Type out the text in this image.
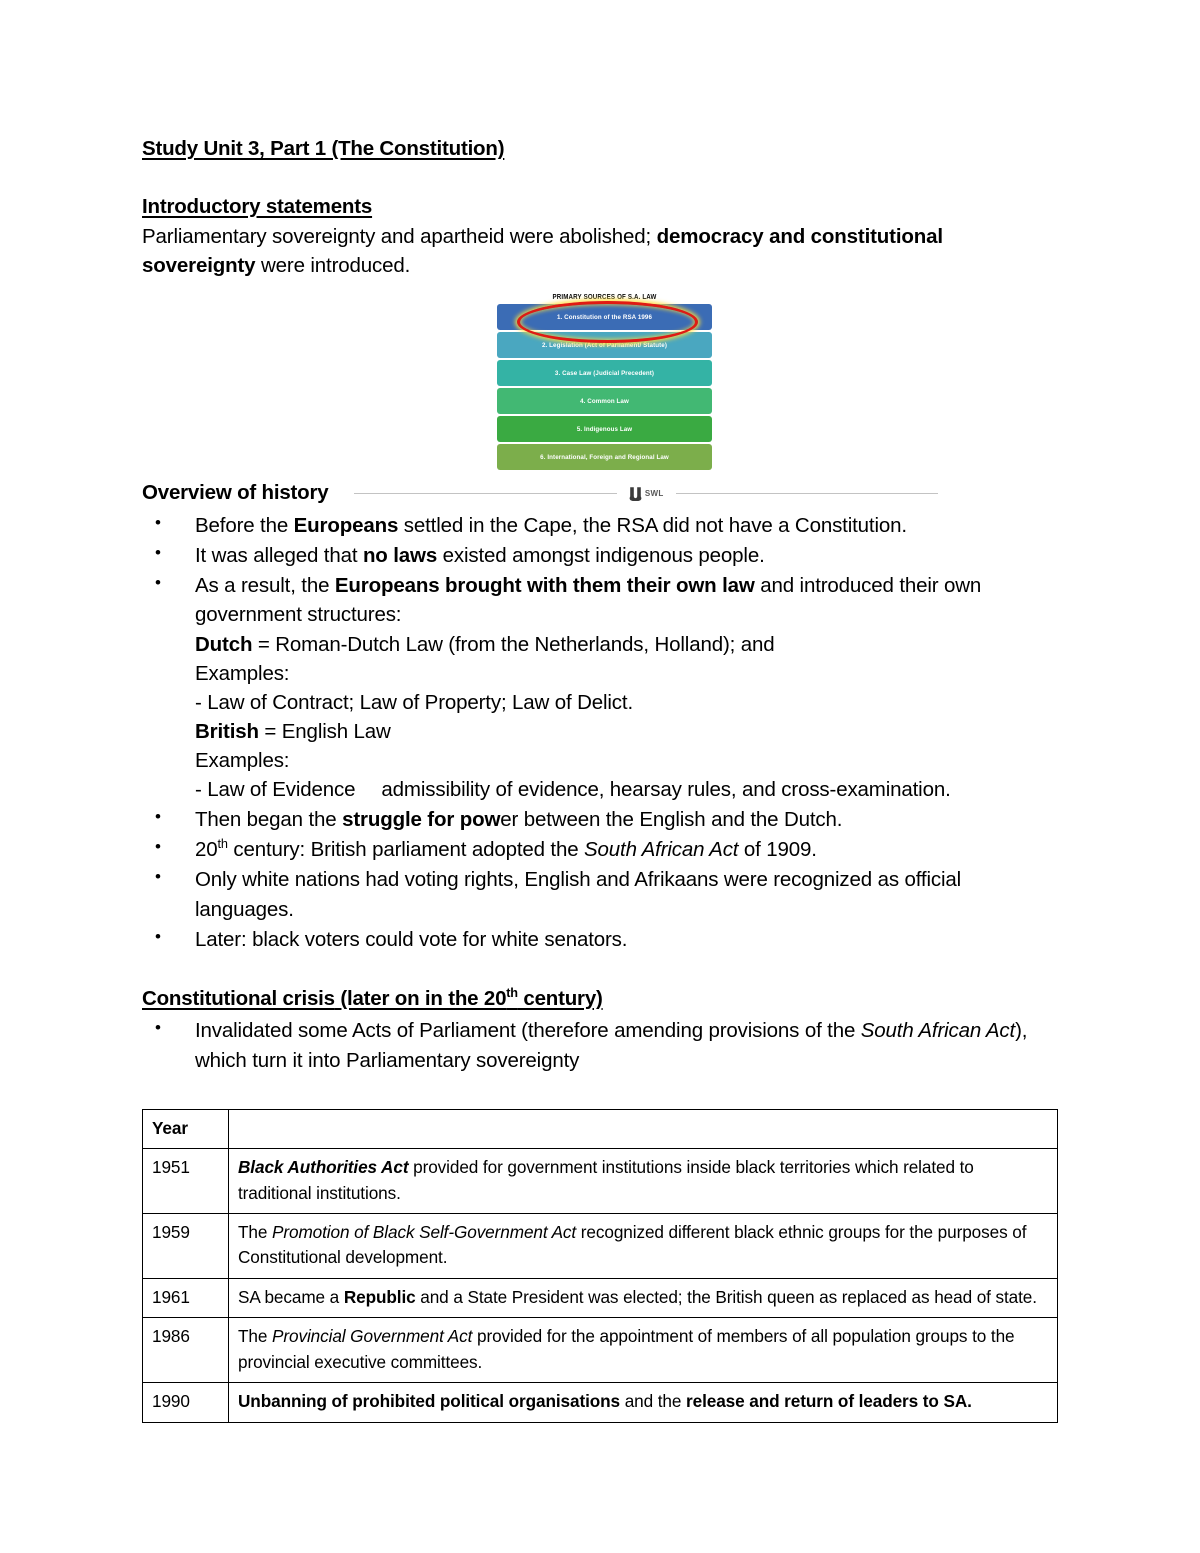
Study Unit 3, Part 1 (The Constitution)
Introductory statements

Parliamentary sovereignty and apartheid were abolished; democracy and constitutional sovereignty were introduced.

PRIMARY SOURCES OF S.A. LAW
1. Constitution of the RSA 1996
2. Legislation (Act of Parliament/ Statute)
3. Case Law (Judicial Precedent)
4. Common Law
5. Indigenous Law
6. International, Foreign and Regional Law
Overview of history	SWL
• Before the Europeans settled in the Cape, the RSA did not have a Constitution.
• It was alleged that no laws existed amongst indigenous people.
• As a result, the Europeans brought with them their own law and introduced their own government structures:
Dutch = Roman-Dutch Law (from the Netherlands, Holland); and
Examples:
- Law of Contract; Law of Property; Law of Delict.
British = English Law
Examples:
- Law of Evidence admissibility of evidence, hearsay rules, and cross-examination.
• Then began the struggle for power between the English and the Dutch.
• 20th century: British parliament adopted the South African Act of 1909.
• Only white nations had voting rights, English and Afrikaans were recognized as official languages.
• Later: black voters could vote for white senators.
Constitutional crisis (later on in the 20th century)
• Invalidated some Acts of Parliament (therefore amending provisions of the South African Act), which turn it into Parliamentary sovereignty
Year	
1951	Black Authorities Act provided for government institutions inside black territories which related to traditional institutions.
1959	The Promotion of Black Self-Government Act recognized different black ethnic groups for the purposes of Constitutional development.
1961	SA became a Republic and a State President was elected; the British queen as replaced as head of state.
1986	The Provincial Government Act provided for the appointment of members of all population groups to the provincial executive committees.
1990	Unbanning of prohibited political organisations and the release and return of leaders to SA.
